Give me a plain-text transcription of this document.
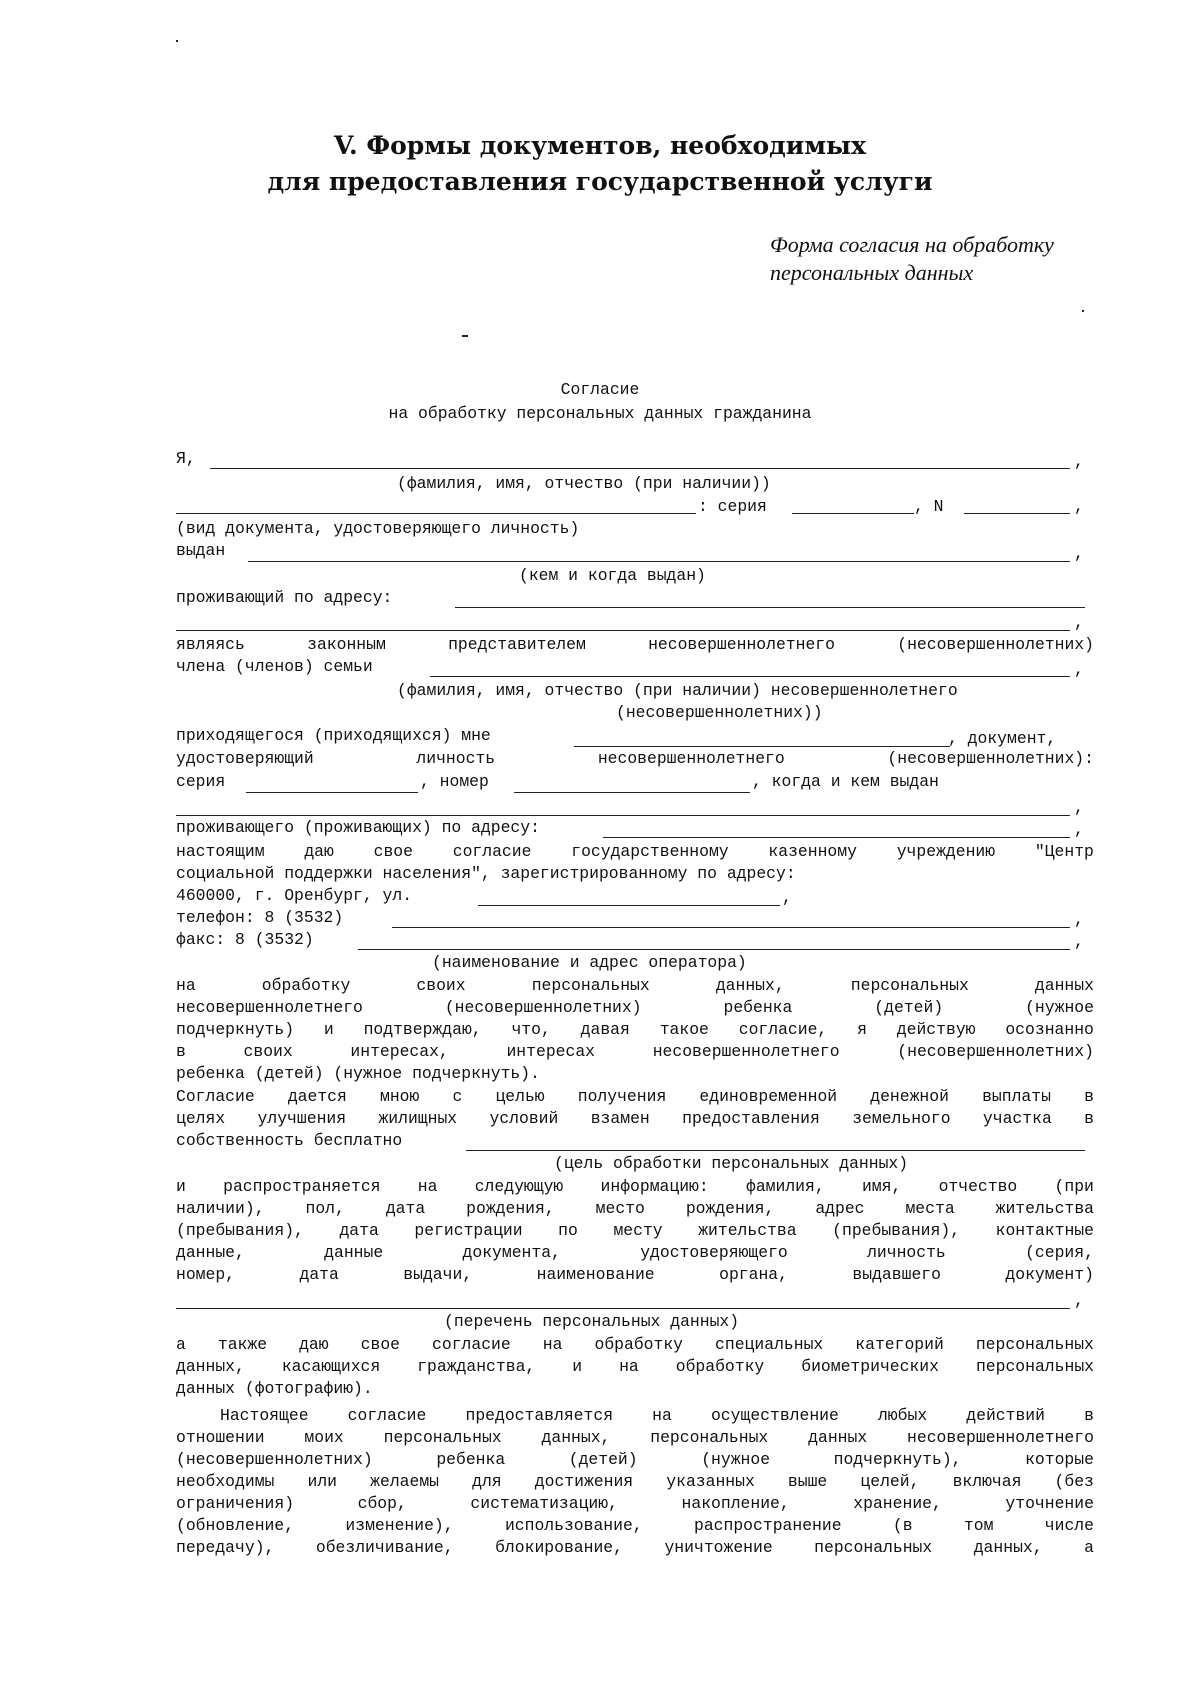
V. Формы документов, необходимых
для предоставления государственной услуги
Форма согласия на обработку
персональных данных
Согласие
на обработку персональных данных гражданина
Я,	,
(фамилия, имя, отчество (при наличии))
: серия	, N	,
(вид документа, удостоверяющего личность)
выдан	,
(кем и когда выдан)
проживающий по адресу:
,
являясь	законным	представителем	несовершеннолетнего	(несовершеннолетних)
члена (членов) семьи	,
(фамилия, имя, отчество (при наличии) несовершеннолетнего
(несовершеннолетних))
приходящегося (приходящихся) мне	, документ,
удостоверяющий	личность	несовершеннолетнего	(несовершеннолетних):
серия	, номер	, когда и кем выдан
,
проживающего (проживающих) по адресу:	,
настоящим даю свое согласие государственному казенному учреждению "Центр
социальной поддержки населения", зарегистрированному по адресу:
460000, г. Оренбург, ул.	,
телефон: 8 (3532)	,
факс: 8 (3532)	,
(наименование и адрес оператора)
на	обработку	своих	персональных	данных,	персональных	данных
несовершеннолетнего	(несовершеннолетних)	ребенка	(детей)	(нужное
подчеркнуть) и подтверждаю, что, давая такое согласие, я действую осознанно
в	своих	интересах,	интересах	несовершеннолетнего	(несовершеннолетних)
ребенка (детей) (нужное подчеркнуть).
Согласие дается мною с целью получения единовременной денежной выплаты в
целях улучшения жилищных условий взамен предоставления земельного участка в
собственность бесплатно
(цель обработки персональных данных)
и распространяется на следующую информацию: фамилия, имя, отчество (при
наличии), пол, дата рождения, место рождения, адрес места жительства
(пребывания), дата регистрации по месту жительства (пребывания), контактные
данные,	данные	документа,	удостоверяющего	личность	(серия,
номер,	дата	выдачи,	наименование	органа,	выдавшего	документ)
,
(перечень персональных данных)
а также даю свое согласие на обработку специальных категорий персональных
данных, касающихся гражданства, и на обработку биометрических персональных
данных (фотографию).
Настоящее согласие предоставляется на осуществление любых действий в
отношении моих персональных данных, персональных данных несовершеннолетнего
(несовершеннолетних)	ребенка	(детей)	(нужное	подчеркнуть),	которые
необходимы или желаемы для достижения указанных выше целей, включая (без
ограничения)	сбор,	систематизацию,	накопление,	хранение,	уточнение
(обновление,	изменение),	использование,	распространение	(в	том	числе
передачу),	обезличивание,	блокирование,	уничтожение	персональных	данных,	а
